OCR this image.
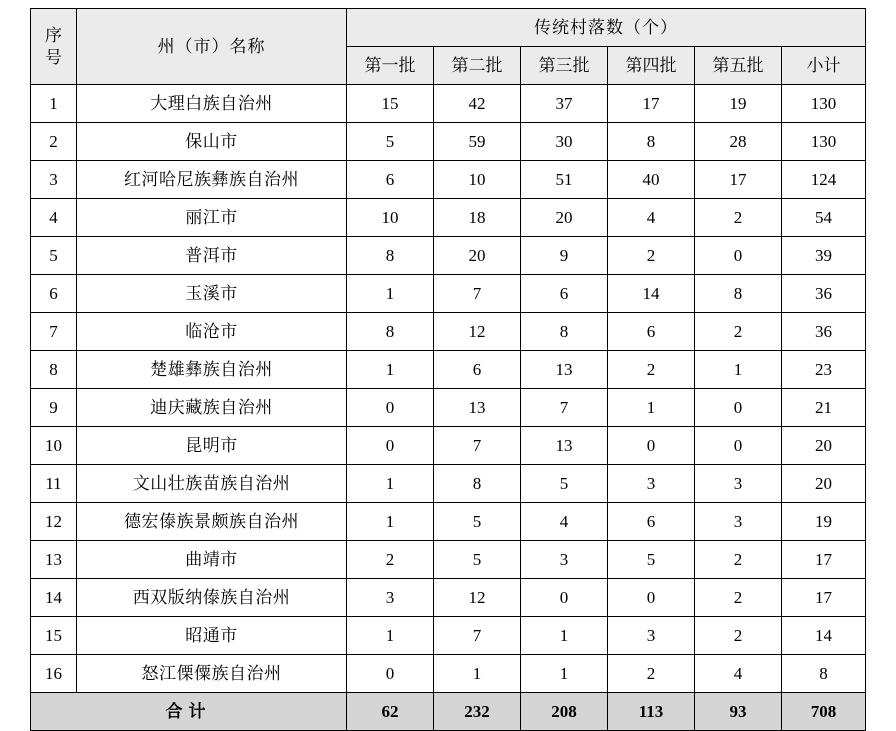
序
号	州（市）名称	传统村落数（个）					
		第一批	第二批	第三批	第四批	第五批	小计
1	大理白族自治州	15	42	37	17	19	130
2	保山市	5	59	30	8	28	130
3	红河哈尼族彝族自治州	6	10	51	40	17	124
4	丽江市	10	18	20	4	2	54
5	普洱市	8	20	9	2	0	39
6	玉溪市	1	7	6	14	8	36
7	临沧市	8	12	8	6	2	36
8	楚雄彝族自治州	1	6	13	2	1	23
9	迪庆藏族自治州	0	13	7	1	0	21
10	昆明市	0	7	13	0	0	20
11	文山壮族苗族自治州	1	8	5	3	3	20
12	德宏傣族景颇族自治州	1	5	4	6	3	19
13	曲靖市	2	5	3	5	2	17
14	西双版纳傣族自治州	3	12	0	0	2	17
15	昭通市	1	7	1	3	2	14
16	怒江傈僳族自治州	0	1	1	2	4	8
合计		62	232	208	113	93	708
